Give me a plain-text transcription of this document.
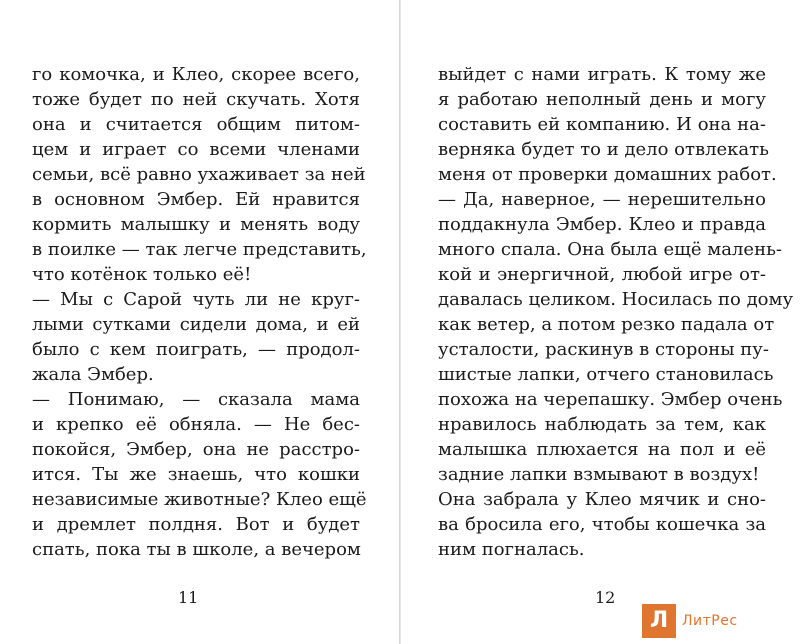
го комочка, и Клео, скорее всего,
тоже будет по ней скучать. Хотя
она и считается общим питом-
цем и играет со всеми членами
семьи, всё равно ухаживает за ней
в основном Эмбер. Ей нравится
кормить малышку и менять воду
в поилке — так легче представить,
что котёнок только её!
— Мы с Сарой чуть ли не круг-
лыми сутками сидели дома, и ей
было с кем поиграть, — продол-
жала Эмбер.
— Понимаю, — сказала мама
и крепко её обняла. — Не бес-
покойся, Эмбер, она не расстро-
ится. Ты же знаешь, что кошки
независимые животные? Клео ещё
и дремлет полдня. Вот и будет
спать, пока ты в школе, а вечером
выйдет с нами играть. К тому же
я работаю неполный день и могу
составить ей компанию. И она на-
верняка будет то и дело отвлекать
меня от проверки домашних работ.
— Да, наверное, — нерешительно
поддакнула Эмбер. Клео и правда
много спала. Она была ещё малень-
кой и энергичной, любой игре от-
давалась целиком. Носилась по дому
как ветер, а потом резко падала от
усталости, раскинув в стороны пу-
шистые лапки, отчего становилась
похожа на черепашку. Эмбер очень
нравилось наблюдать за тем, как
малышка плюхается на пол и её
задние лапки взмывают в воздух!
Она забрала у Клео мячик и сно-
ва бросила его, чтобы кошечка за
ним погналась.
11	12
Л ЛитРес
